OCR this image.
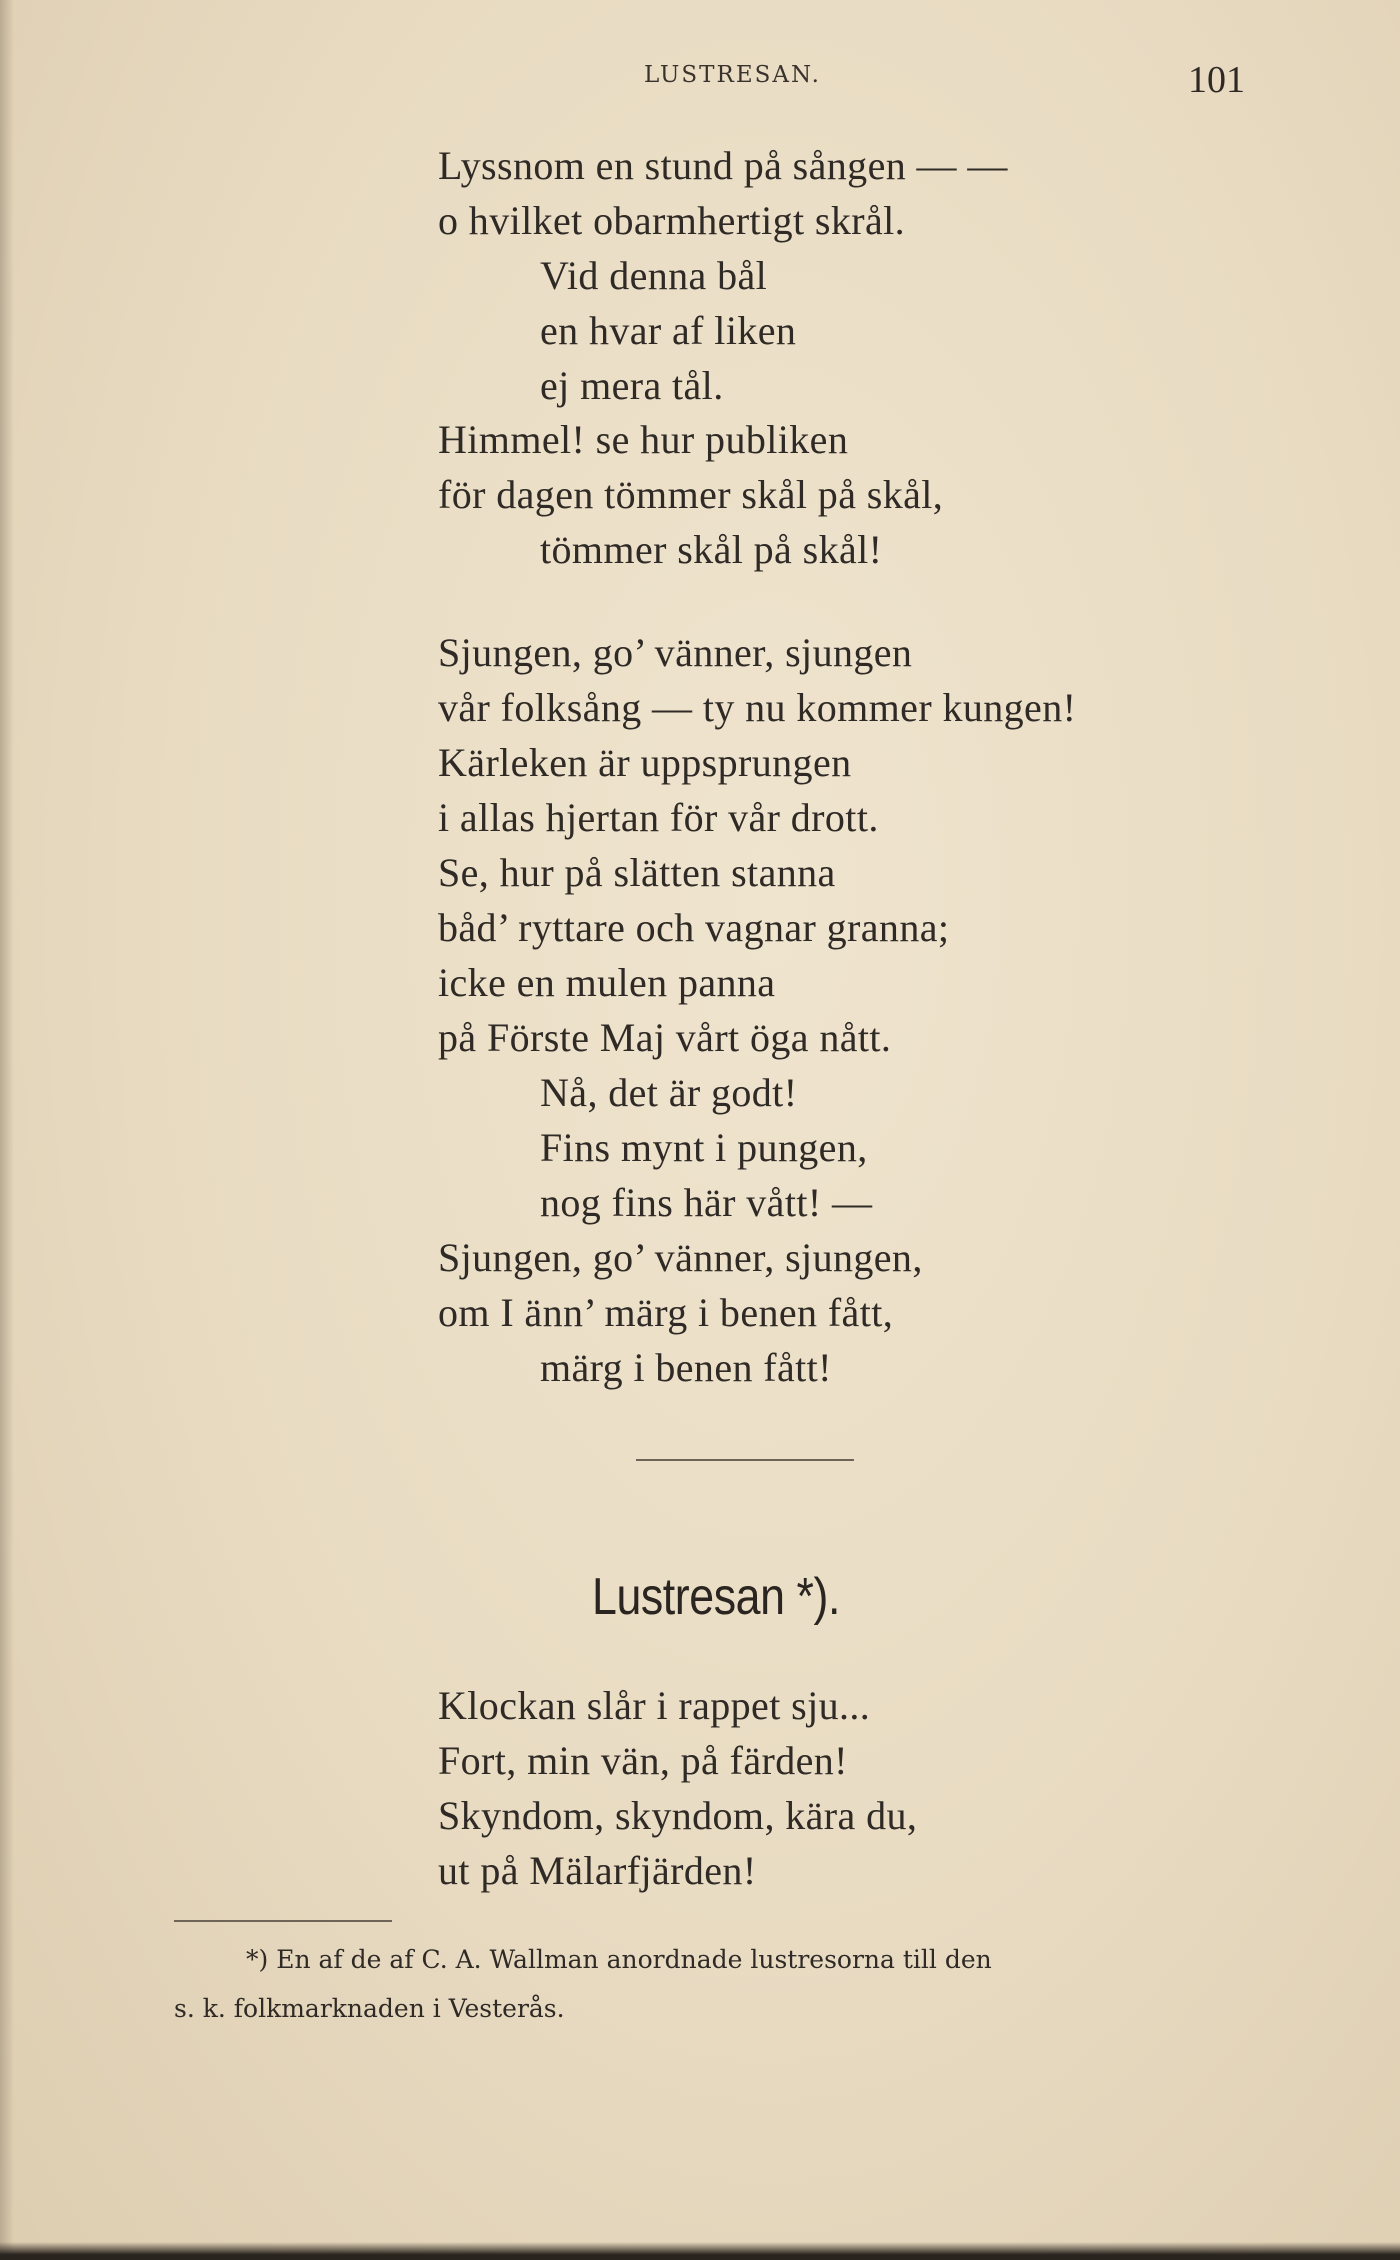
LUSTRESAN.	101
Lyssnom en stund på sången — —
o hvilket obarmhertigt skrål.
Vid denna bål
en hvar af liken
ej mera tål.
Himmel! se hur publiken
för dagen tömmer skål på skål,
tömmer skål på skål!
Sjungen, go’ vänner, sjungen
vår folksång — ty nu kommer kungen!
Kärleken är uppsprungen
i allas hjertan för vår drott.
Se, hur på slätten stanna
båd’ ryttare och vagnar granna;
icke en mulen panna
på Förste Maj vårt öga nått.
Nå, det är godt!
Fins mynt i pungen,
nog fins här vått! —
Sjungen, go’ vänner, sjungen,
om I änn’ märg i benen fått,
märg i benen fått!
Lustresan *).
Klockan slår i rappet sju...
Fort, min vän, på färden!
Skyndom, skyndom, kära du,
ut på Mälarfjärden!
*) En af de af C. A. Wallman anordnade lustresorna till den
s. k. folkmarknaden i Vesterås.
